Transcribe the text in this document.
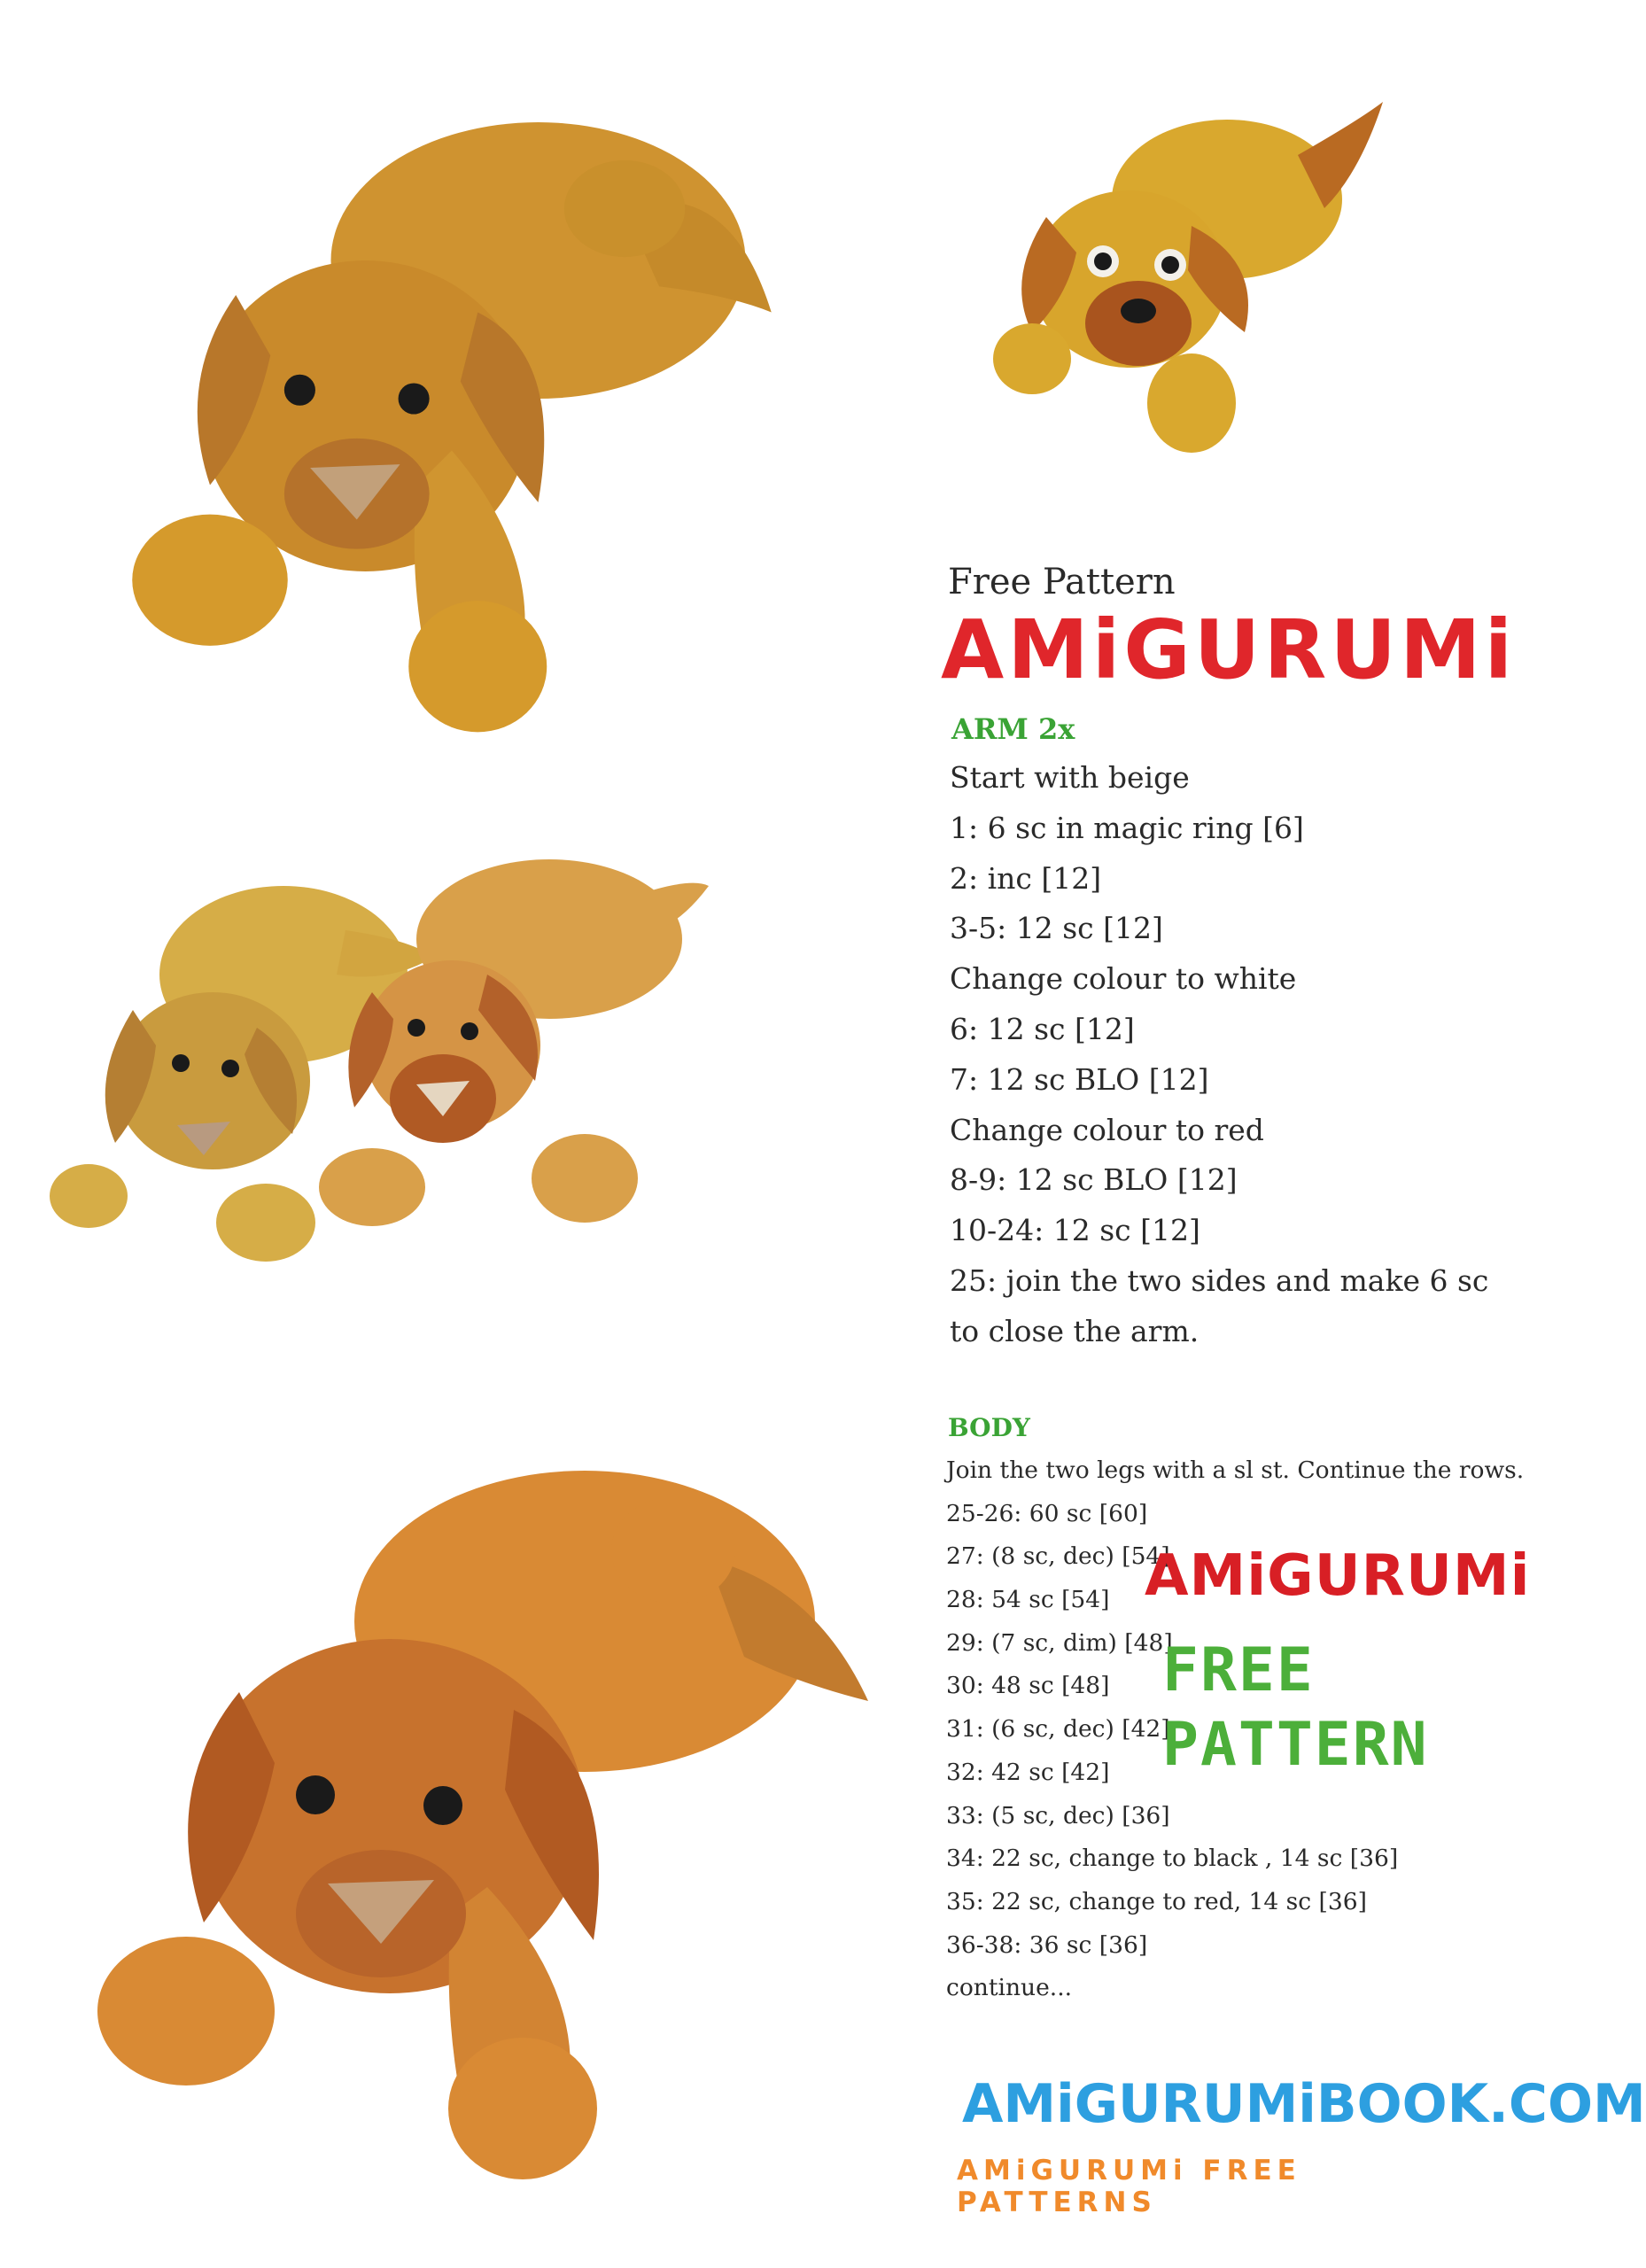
Free Pattern
AMiGURUMi
ARM 2x
Start with beige
1: 6 sc in magic ring [6]
2: inc [12]
3-5: 12 sc [12]
Change colour to white
6: 12 sc [12]
7: 12 sc BLO [12]
Change colour to red
8-9: 12 sc BLO [12]
10-24: 12 sc [12]
25: join the two sides and make 6 sc
to close the arm.
BODY
Join the two legs with a sl st. Continue the rows.
25-26: 60 sc [60]
27: (8 sc, dec) [54]
28: 54 sc [54]
29: (7 sc, dim) [48]
30: 48 sc [48]
31: (6 sc, dec) [42]
32: 42 sc [42]
33: (5 sc, dec) [36]
34: 22 sc, change to black , 14 sc [36]
35: 22 sc, change to red, 14 sc [36]
36-38: 36 sc [36]
continue...
AMiGURUMi
FREE
PATTERN
AMiGURUMiBOOK.COM
AMiGURUMi FREE PATTERNS
